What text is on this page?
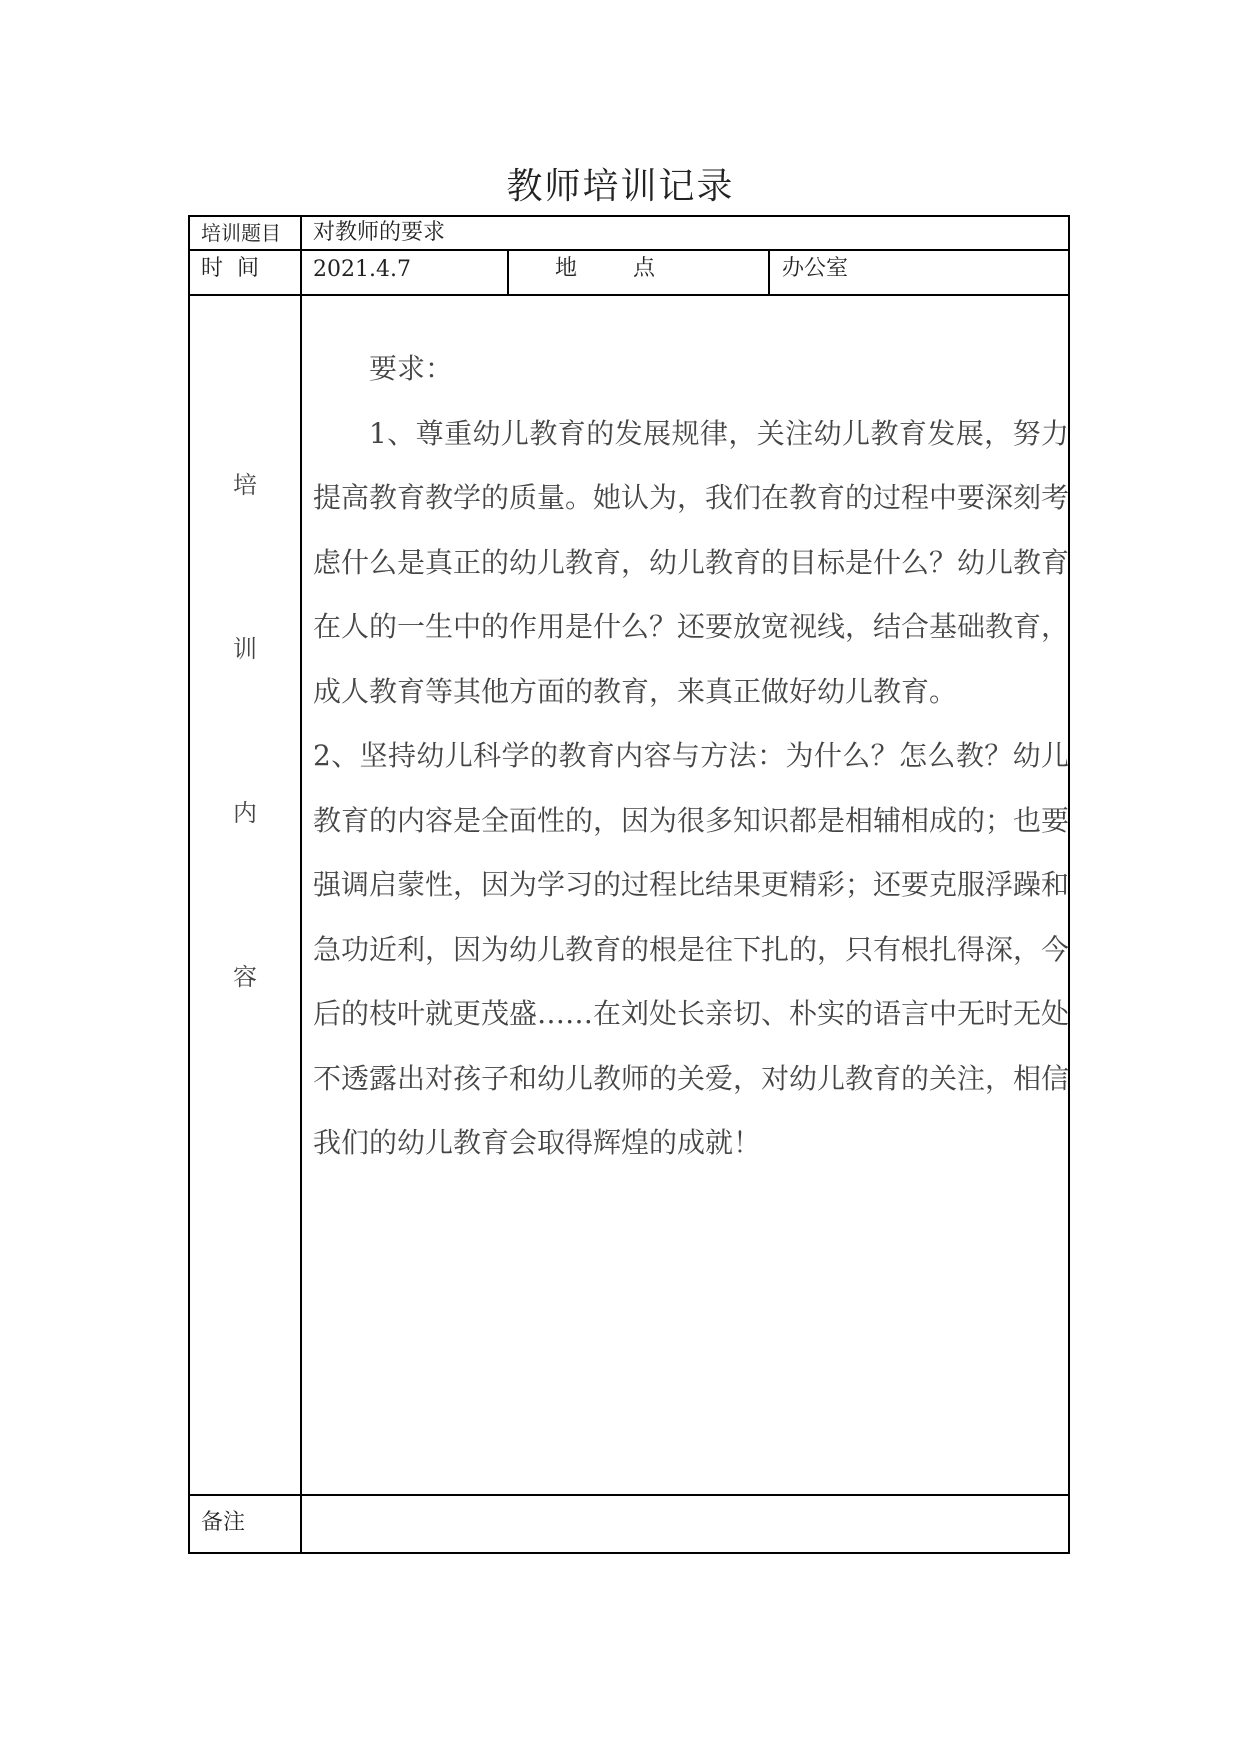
教师培训记录
培训题目 对教师的要求
时  间 2021.4.7	地        点	办公室
培
训
内
容

要求：

1、尊重幼儿教育的发展规律，关注幼儿教育发展，努力提高教育教学的质量。她认为，我们在教育的过程中要深刻考虑什么是真正的幼儿教育，幼儿教育的目标是什么？幼儿教育在人的一生中的作用是什么？还要放宽视线，结合基础教育，成人教育等其他方面的教育，来真正做好幼儿教育。

2、坚持幼儿科学的教育内容与方法：为什么？怎么教？幼儿教育的内容是全面性的，因为很多知识都是相辅相成的；也要强调启蒙性，因为学习的过程比结果更精彩；还要克服浮躁和急功近利，因为幼儿教育的根是往下扎的，只有根扎得深，今后的枝叶就更茂盛……在刘处长亲切、朴实的语言中无时无处不透露出对孩子和幼儿教师的关爱，对幼儿教育的关注，相信我们的幼儿教育会取得辉煌的成就！

备注
